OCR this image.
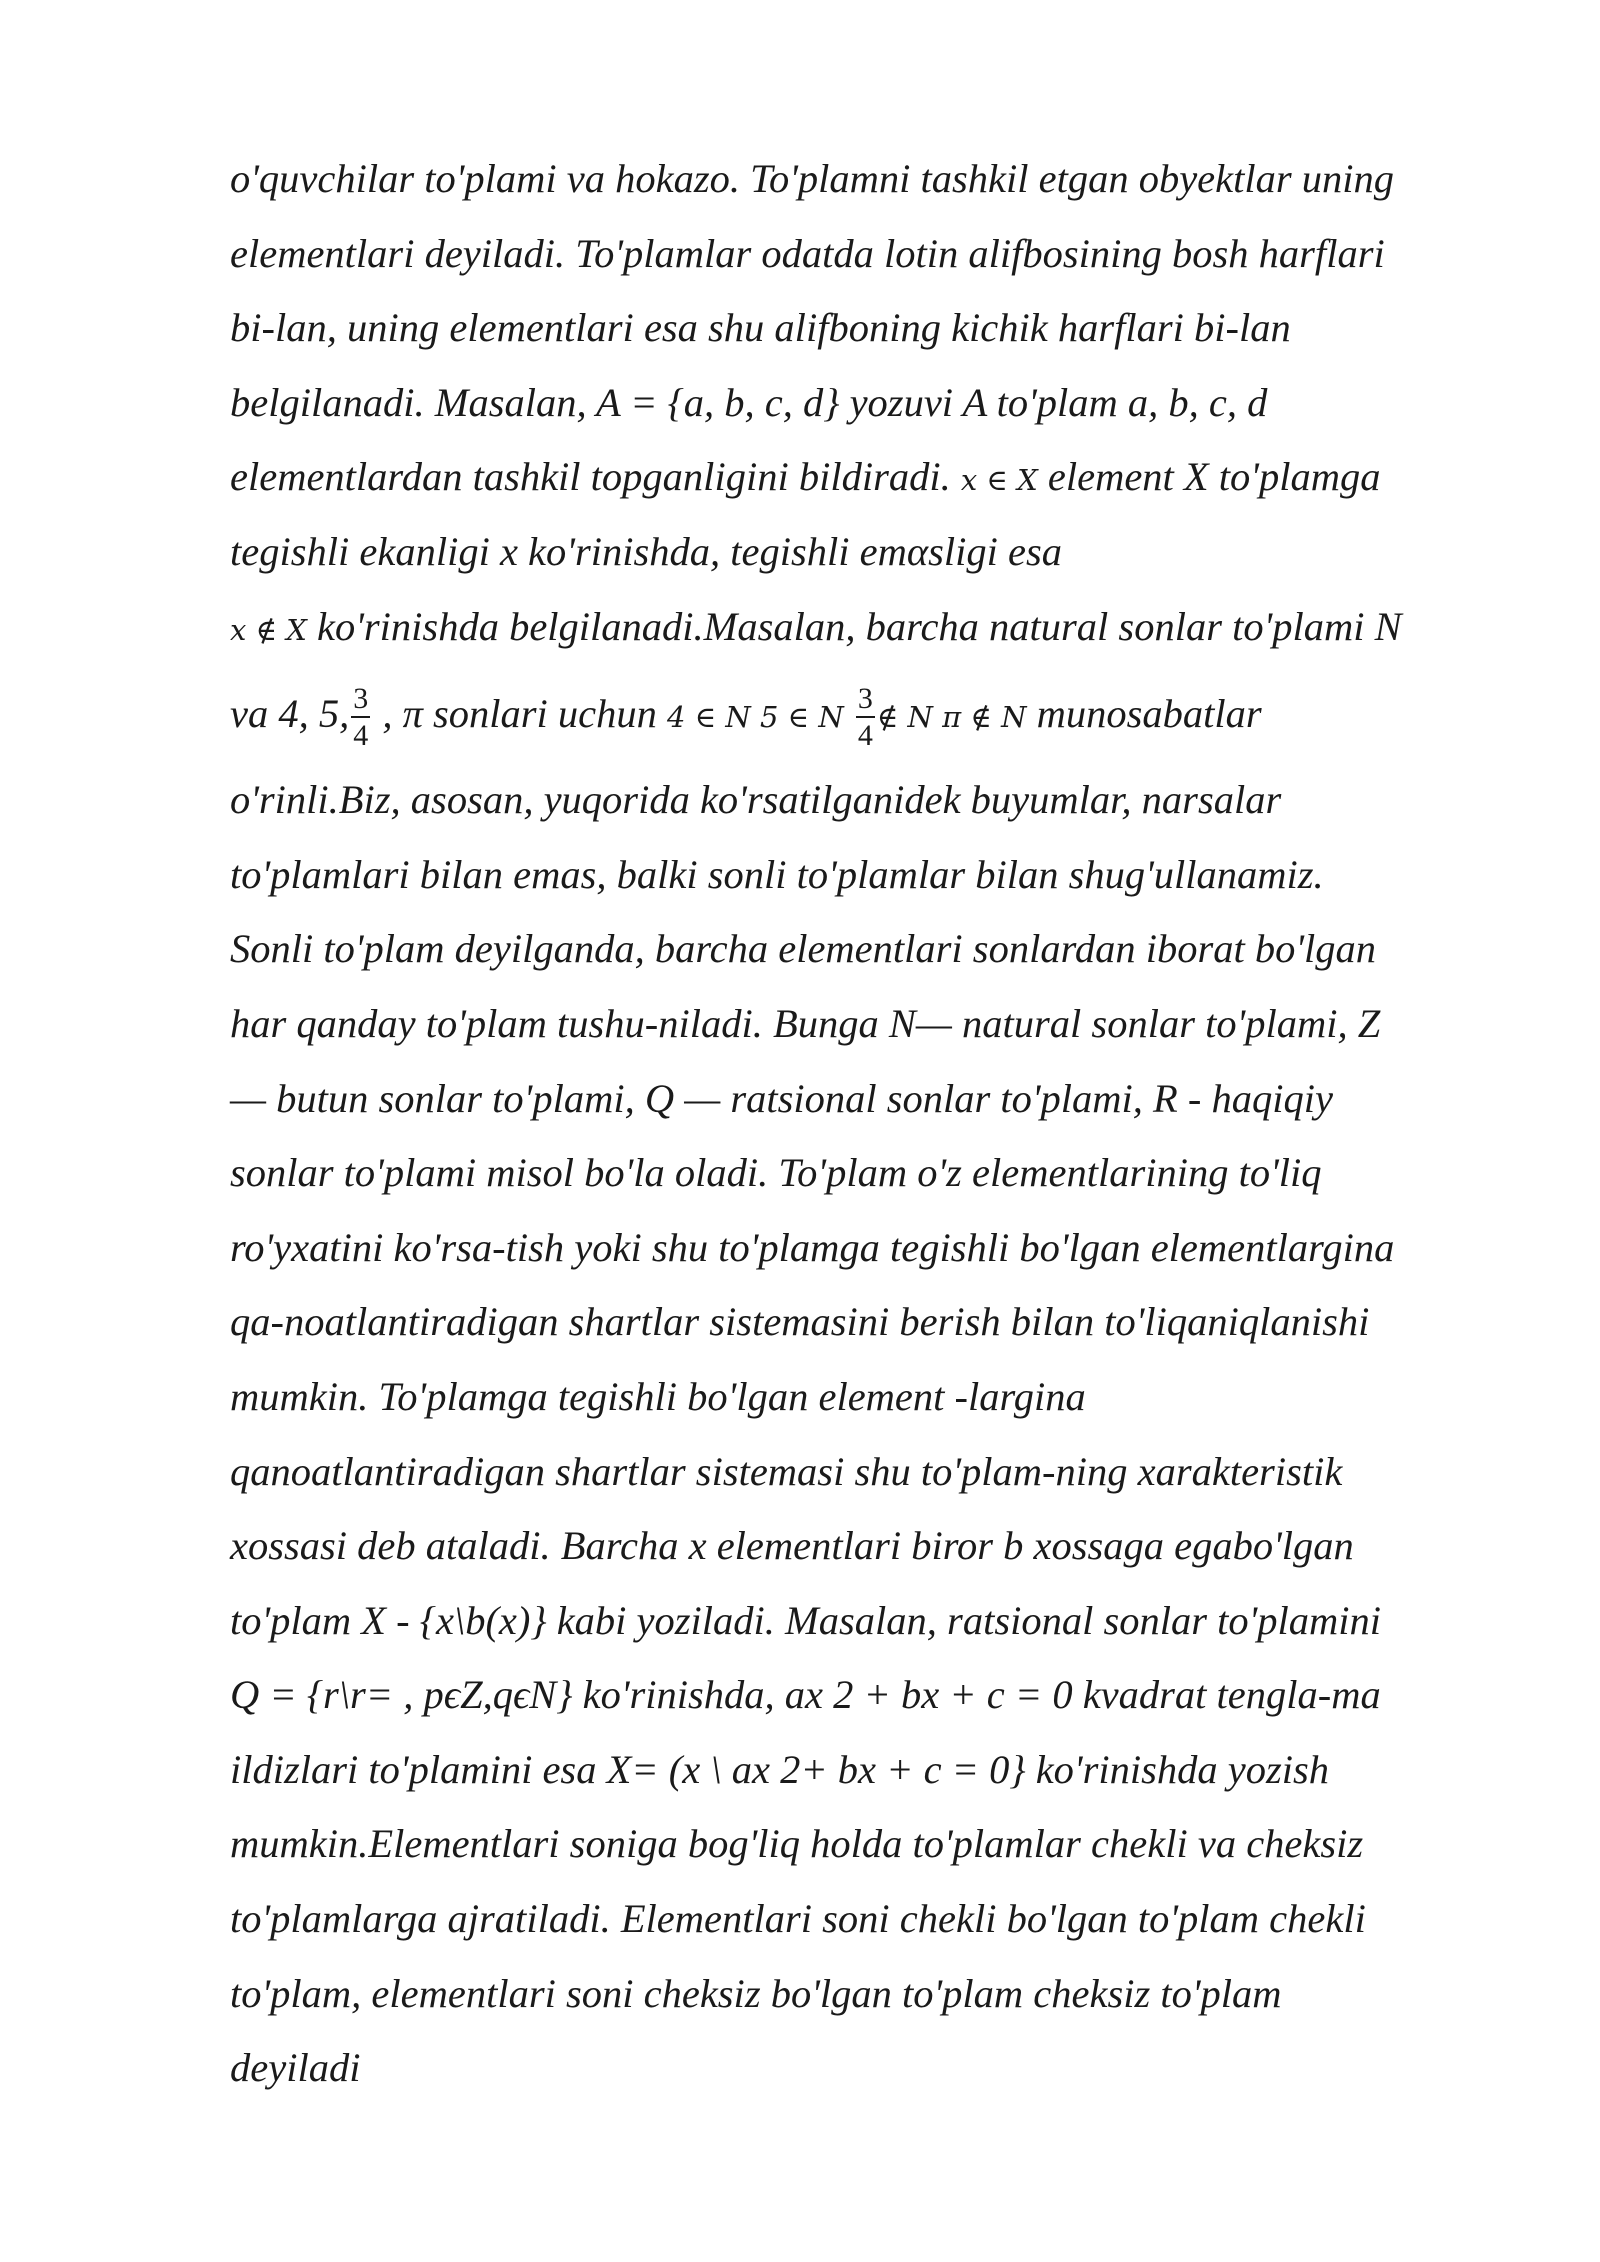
o'quvchilar to'plami va hokazo. To'plamni tashkil etgan obyektlar uning
elementlari deyiladi. To'plamlar odatda lotin alifbosining bosh harflari
bi-lan, uning elementlari esa shu alifboning kichik harflari bi-lan
belgilanadi. Masalan, A = {a, b, c, d} yozuvi A to'plam a, b, c, d
elementlardan tashkil topganligini bildiradi. x ∈ X element X to'plamga
tegishli ekanligi x ko'rinishda, tegishli emαsligi esa
x ∉ X ko'rinishda belgilanadi.Masalan, barcha natural sonlar to'plami N
va 4, 5, $\frac{3}{4}$ , π sonlari uchun 4 ∈ N 5 ∈ N $\frac{3}{4}$ ∉ N π ∉ N munosabatlar
o'rinli.Biz, asosan, yuqorida ko'rsatilganidek buyumlar, narsalar
to'plamlari bilan emas, balki sonli to'plamlar bilan shug'ullanamiz.
Sonli to'plam deyilganda, barcha elementlari sonlardan iborat bo'lgan
har qanday to'plam tushu-niladi. Bunga N— natural sonlar to'plami, Z
— butun sonlar to'plami, Q — ratsional sonlar to'plami, R - haqiqiy
sonlar to'plami misol bo'la oladi. To'plam o'z elementlarining to'liq
ro'yxatini ko'rsa-tish yoki shu to'plamga tegishli bo'lgan elementlargina
qa-noatlantiradigan shartlar sistemasini berish bilan to'liqaniqlanishi
mumkin. To'plamga tegishli bo'lgan element -largina
qanoatlantiradigan shartlar sistemasi shu to'plam-ning xarakteristik
xossasi deb ataladi. Barcha x elementlari biror b xossaga egabo'lgan
to'plam X - {x\b(x)} kabi yoziladi. Masalan, ratsional sonlar to'plamini
Q = {r\r= , pϵZ,qϵN} ko'rinishda, ax 2 + bx + c = 0 kvadrat tengla-ma
ildizlari to'plamini esa X= (x \ ax 2+ bx + c = 0} ko'rinishda yozish
mumkin.Elementlari soniga bog'liq holda to'plamlar chekli va cheksiz
to'plamlarga ajratiladi. Elementlari soni chekli bo'lgan to'plam chekli
to'plam, elementlari soni cheksiz bo'lgan to'plam cheksiz to'plam
deyiladi
